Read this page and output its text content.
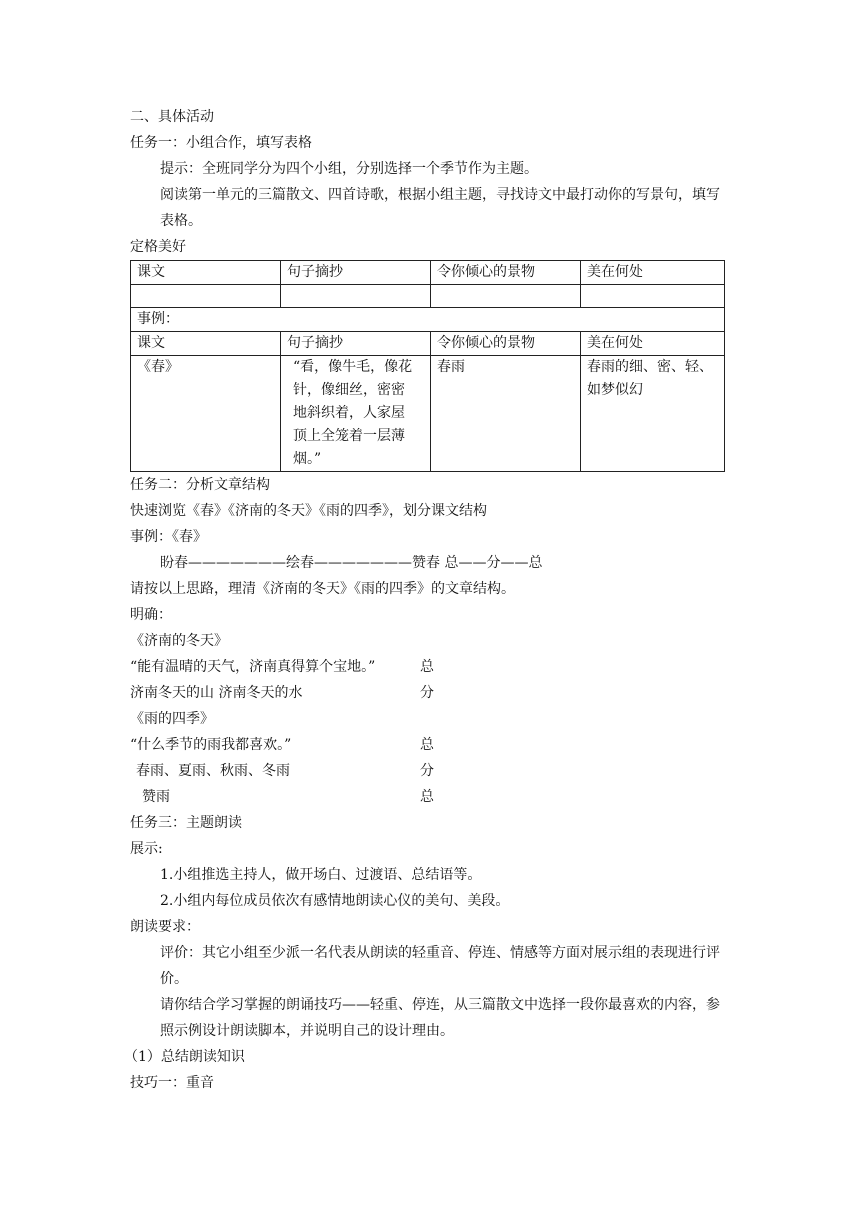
二、具体活动
任务一：小组合作，填写表格
提示：全班同学分为四个小组，分别选择一个季节作为主题。
阅读第一单元的三篇散文、四首诗歌，根据小组主题，寻找诗文中最打动你的写景句，填写表格。
定格美好
课文	句子摘抄	令你倾心的景物	美在何处

事例：			
课文	句子摘抄	令你倾心的景物	美在何处
《春》	“看，像牛毛，像花针，像细丝，密密地斜织着，人家屋顶上全笼着一层薄烟。”	春雨	春雨的细、密、轻、如梦似幻
任务二：分析文章结构
快速浏览《春》《济南的冬天》《雨的四季》，划分课文结构
事例：《春》
盼春———————绘春———————赞春 总——分——总
请按以上思路，理清《济南的冬天》《雨的四季》的文章结构。
明确：
《济南的冬天》
“能有温晴的天气，济南真得算个宝地。”	总
济南冬天的山 济南冬天的水	分
《雨的四季》
“什么季节的雨我都喜欢。”	总
春雨、夏雨、秋雨、冬雨	分
赞雨	总
任务三：主题朗读
展示:
1.小组推选主持人，做开场白、过渡语、总结语等。
2.小组内每位成员依次有感情地朗读心仪的美句、美段。
朗读要求：
评价：其它小组至少派一名代表从朗读的轻重音、停连、情感等方面对展示组的表现进行评价。
请你结合学习掌握的朗诵技巧——轻重、停连，从三篇散文中选择一段你最喜欢的内容，参照示例设计朗读脚本，并说明自己的设计理由。
（1）总结朗读知识
技巧一：重音
